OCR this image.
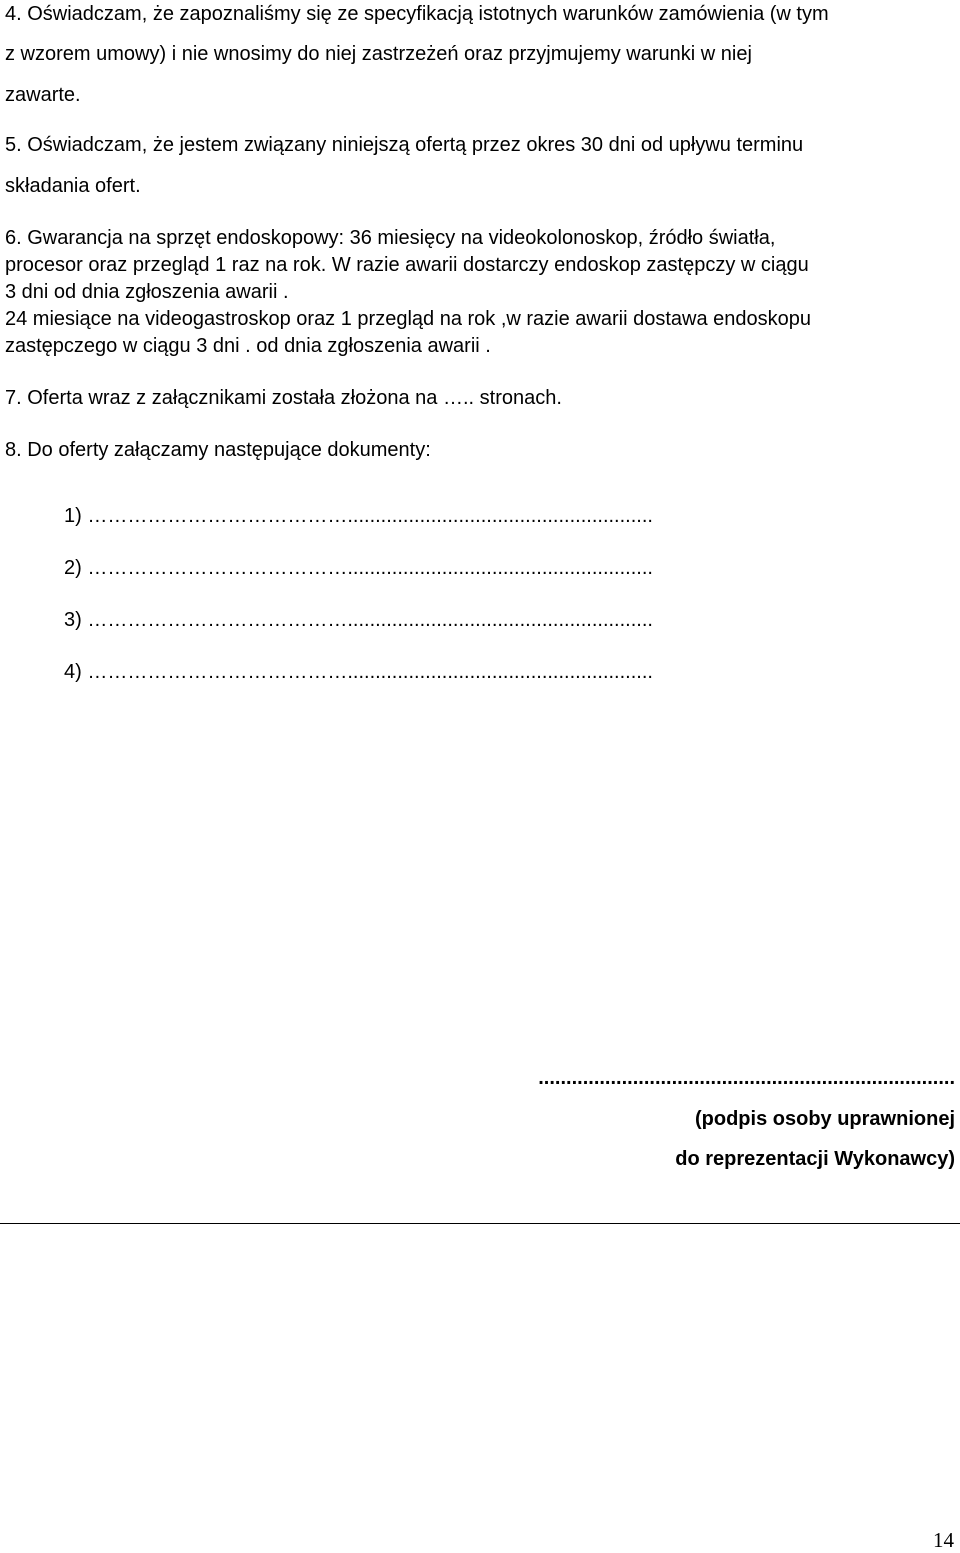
4. Oświadczam, że zapoznaliśmy się ze specyfikacją istotnych warunków zamówienia (w tym

z wzorem umowy) i nie wnosimy do niej zastrzeżeń oraz przyjmujemy warunki w niej

zawarte.

5. Oświadczam, że jestem związany niniejszą ofertą przez okres 30 dni od upływu terminu

składania ofert.

6. Gwarancja na sprzęt endoskopowy: 36 miesięcy na videokolonoskop, źródło światła,

procesor oraz przegląd 1 raz na rok. W razie awarii dostarczy endoskop zastępczy w ciągu

3 dni od dnia zgłoszenia awarii .

24 miesiące na videogastroskop oraz 1 przegląd na rok ,w razie awarii dostawa endoskopu

zastępczego w ciągu 3 dni . od dnia zgłoszenia awarii .

7. Oferta wraz z załącznikami została złożona na ….. stronach.

8. Do oferty załączamy następujące dokumenty:

1) ………………………………….......................................................
2) ………………………………….......................................................
3) ………………………………….......................................................
4) ………………………………….......................................................
...........................................................................
(podpis osoby uprawnionej
do reprezentacji Wykonawcy)
14
